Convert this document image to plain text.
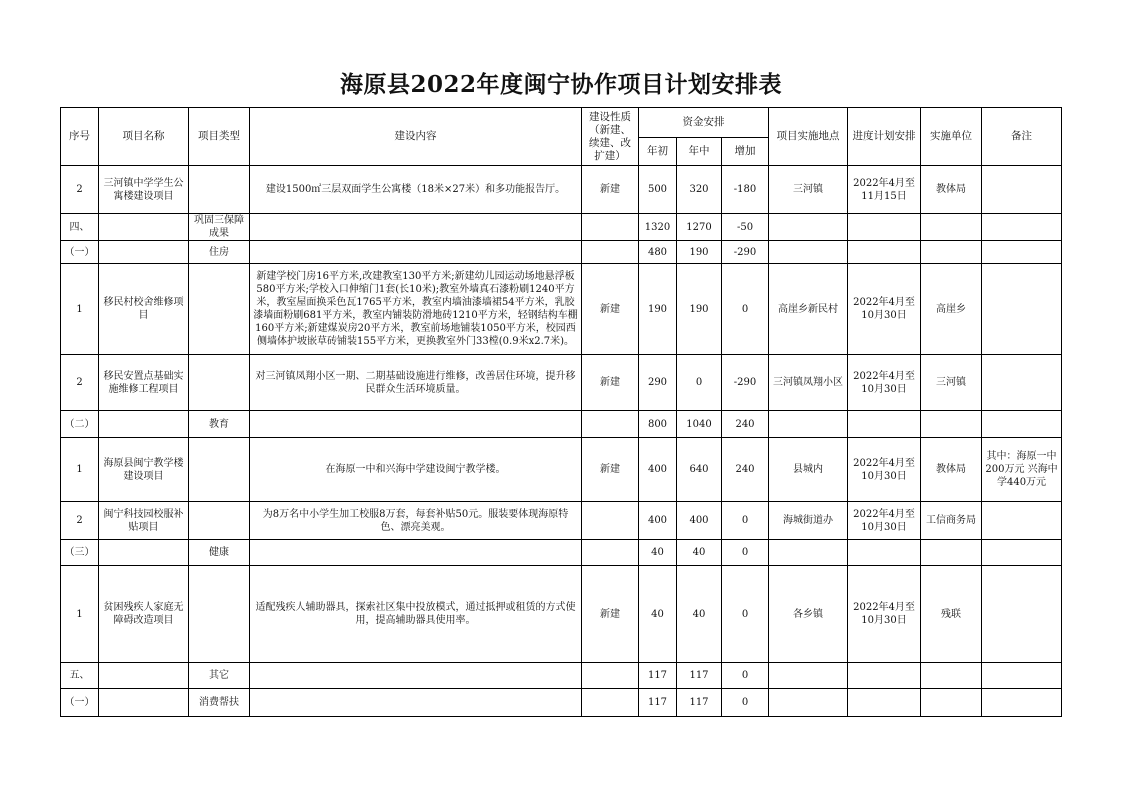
海原县2022年度闽宁协作项目计划安排表
序号	项目名称	项目类型	建设内容	建设性质（新建、续建、改扩建）	资金安排			项目实施地点	进度计划安排	实施单位	备注
					年初	年中	增加				
2	三河镇中学学生公寓楼建设项目		建设1500㎡三层双面学生公寓楼（18米×27米）和多功能报告厅。	新建	500	320	-180	三河镇	2022年4月至11月15日	教体局	
四、		巩固三保障成果			1320	1270	-50				
（一）		住房			480	190	-290				
1	移民村校舍维修项目		新建学校门房16平方米,改建教室130平方米;新建幼儿园运动场地悬浮板580平方米;学校入口伸缩门1套(长10米);教室外墙真石漆粉刷1240平方米，教室屋面换采色瓦1765平方米，教室内墙油漆墙裙54平方米，乳胶漆墙面粉刷681平方米，教室内铺装防滑地砖1210平方米，轻钢结构车棚160平方米;新建煤炭房20平方米，教室前场地铺装1050平方米，校园西侧墙体护坡嵌草砖铺装155平方米，更换教室外门33樘(0.9米x2.7米)。	新建	190	190	0	高崖乡新民村	2022年4月至10月30日	高崖乡	
2	移民安置点基础实施维修工程项目		对三河镇凤翔小区一期、二期基础设施进行维修，改善居住环境，提升移民群众生活环境质量。	新建	290	0	-290	三河镇凤翔小区	2022年4月至10月30日	三河镇	
（二）		教育			800	1040	240				
1	海原县闽宁教学楼建设项目		在海原一中和兴海中学建设闽宁教学楼。	新建	400	640	240	县城内	2022年4月至10月30日	教体局	其中：海原一中200万元 兴海中学440万元
2	闽宁科技园校服补贴项目		为8万名中小学生加工校服8万套，每套补贴50元。服装要体现海原特色、漂亮美观。		400	400	0	海城街道办	2022年4月至10月30日	工信商务局	
（三）		健康			40	40	0				
1	贫困残疾人家庭无障碍改造项目		适配残疾人辅助器具，探索社区集中投放模式，通过抵押或租赁的方式使用，提高辅助器具使用率。	新建	40	40	0	各乡镇	2022年4月至10月30日	残联	
五、		其它			117	117	0				
（一）		消费帮扶			117	117	0				
